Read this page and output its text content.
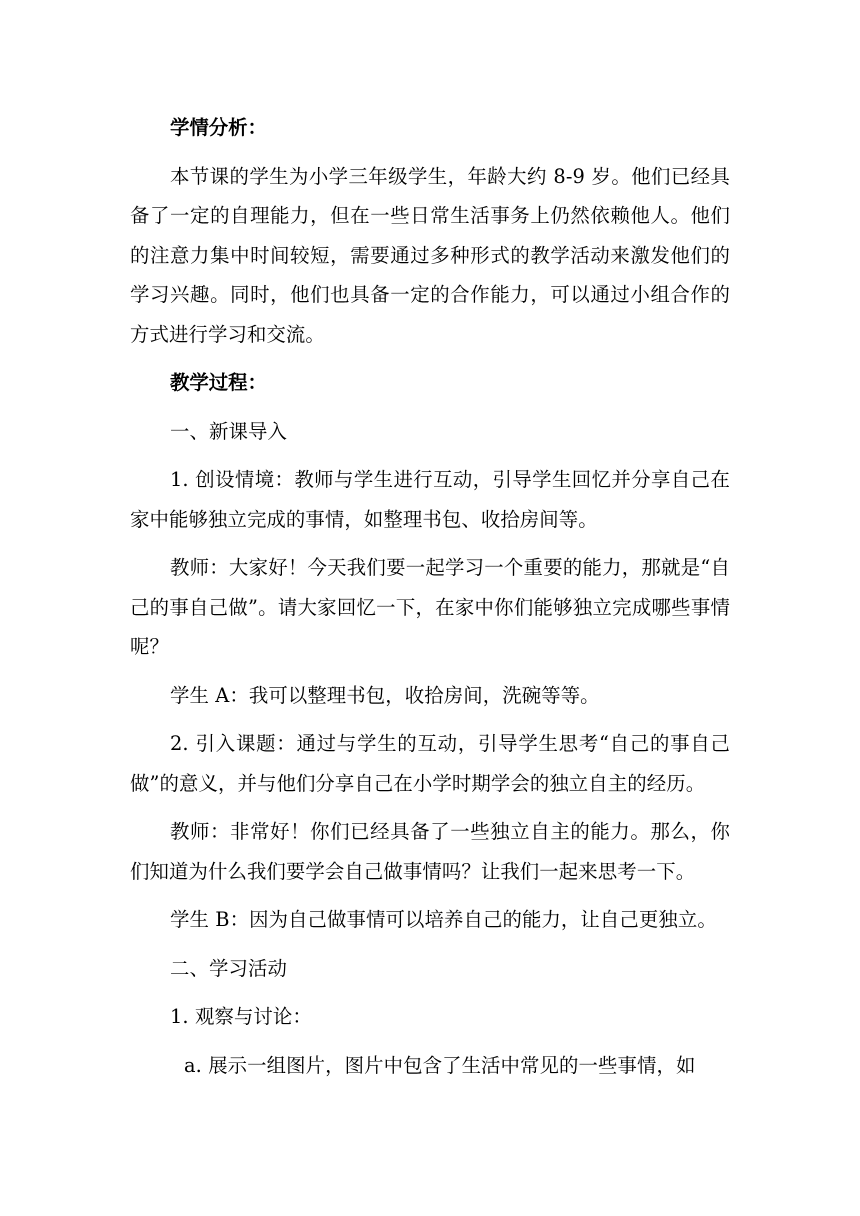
学情分析：

本节课的学生为小学三年级学生，年龄大约 8-9 岁。他们已经具备了一定的自理能力，但在一些日常生活事务上仍然依赖他人。他们的注意力集中时间较短，需要通过多种形式的教学活动来激发他们的学习兴趣。同时，他们也具备一定的合作能力，可以通过小组合作的方式进行学习和交流。

教学过程：

一、新课导入

1. 创设情境：教师与学生进行互动，引导学生回忆并分享自己在家中能够独立完成的事情，如整理书包、收拾房间等。

教师：大家好！今天我们要一起学习一个重要的能力，那就是“自己的事自己做”。请大家回忆一下，在家中你们能够独立完成哪些事情呢？

学生 A：我可以整理书包，收拾房间，洗碗等等。

2. 引入课题：通过与学生的互动，引导学生思考“自己的事自己做”的意义，并与他们分享自己在小学时期学会的独立自主的经历。

教师：非常好！你们已经具备了一些独立自主的能力。那么，你们知道为什么我们要学会自己做事情吗？让我们一起来思考一下。

学生 B：因为自己做事情可以培养自己的能力，让自己更独立。

二、学习活动

1. 观察与讨论：

a. 展示一组图片，图片中包含了生活中常见的一些事情，如
